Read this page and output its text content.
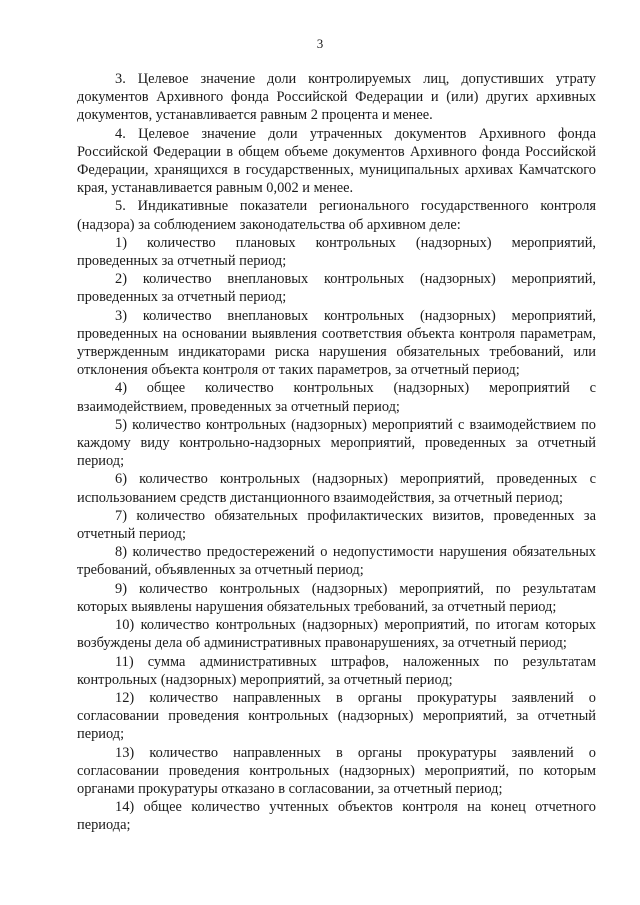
3

3. Целевое значение доли контролируемых лиц, допустивших утрату документов Архивного фонда Российской Федерации и (или) других архивных документов, устанавливается равным 2 процента и менее.

4. Целевое значение доли утраченных документов Архивного фонда Российской Федерации в общем объеме документов Архивного фонда Российской Федерации, хранящихся в государственных, муниципальных архивах Камчатского края, устанавливается равным 0,002 и менее.

5. Индикативные показатели регионального государственного контроля (надзора) за соблюдением законодательства об архивном деле:

1) количество плановых контрольных (надзорных) мероприятий, проведенных за отчетный период;

2) количество внеплановых контрольных (надзорных) мероприятий, проведенных за отчетный период;

3) количество внеплановых контрольных (надзорных) мероприятий, проведенных на основании выявления соответствия объекта контроля параметрам, утвержденным индикаторами риска нарушения обязательных требований, или отклонения объекта контроля от таких параметров, за отчетный период;

4) общее количество контрольных (надзорных) мероприятий с взаимодействием, проведенных за отчетный период;

5) количество контрольных (надзорных) мероприятий с взаимодействием по каждому виду контрольно-надзорных мероприятий, проведенных за отчетный период;

6) количество контрольных (надзорных) мероприятий, проведенных с использованием средств дистанционного взаимодействия, за отчетный период;

7) количество обязательных профилактических визитов, проведенных за отчетный период;

8) количество предостережений о недопустимости нарушения обязательных требований, объявленных за отчетный период;

9) количество контрольных (надзорных) мероприятий, по результатам которых выявлены нарушения обязательных требований, за отчетный период;

10) количество контрольных (надзорных) мероприятий, по итогам которых возбуждены дела об административных правонарушениях, за отчетный период;

11) сумма административных штрафов, наложенных по результатам контрольных (надзорных) мероприятий, за отчетный период;

12) количество направленных в органы прокуратуры заявлений о согласовании проведения контрольных (надзорных) мероприятий, за отчетный период;

13) количество направленных в органы прокуратуры заявлений о согласовании проведения контрольных (надзорных) мероприятий, по которым органами прокуратуры отказано в согласовании, за отчетный период;

14) общее количество учтенных объектов контроля на конец отчетного периода;
